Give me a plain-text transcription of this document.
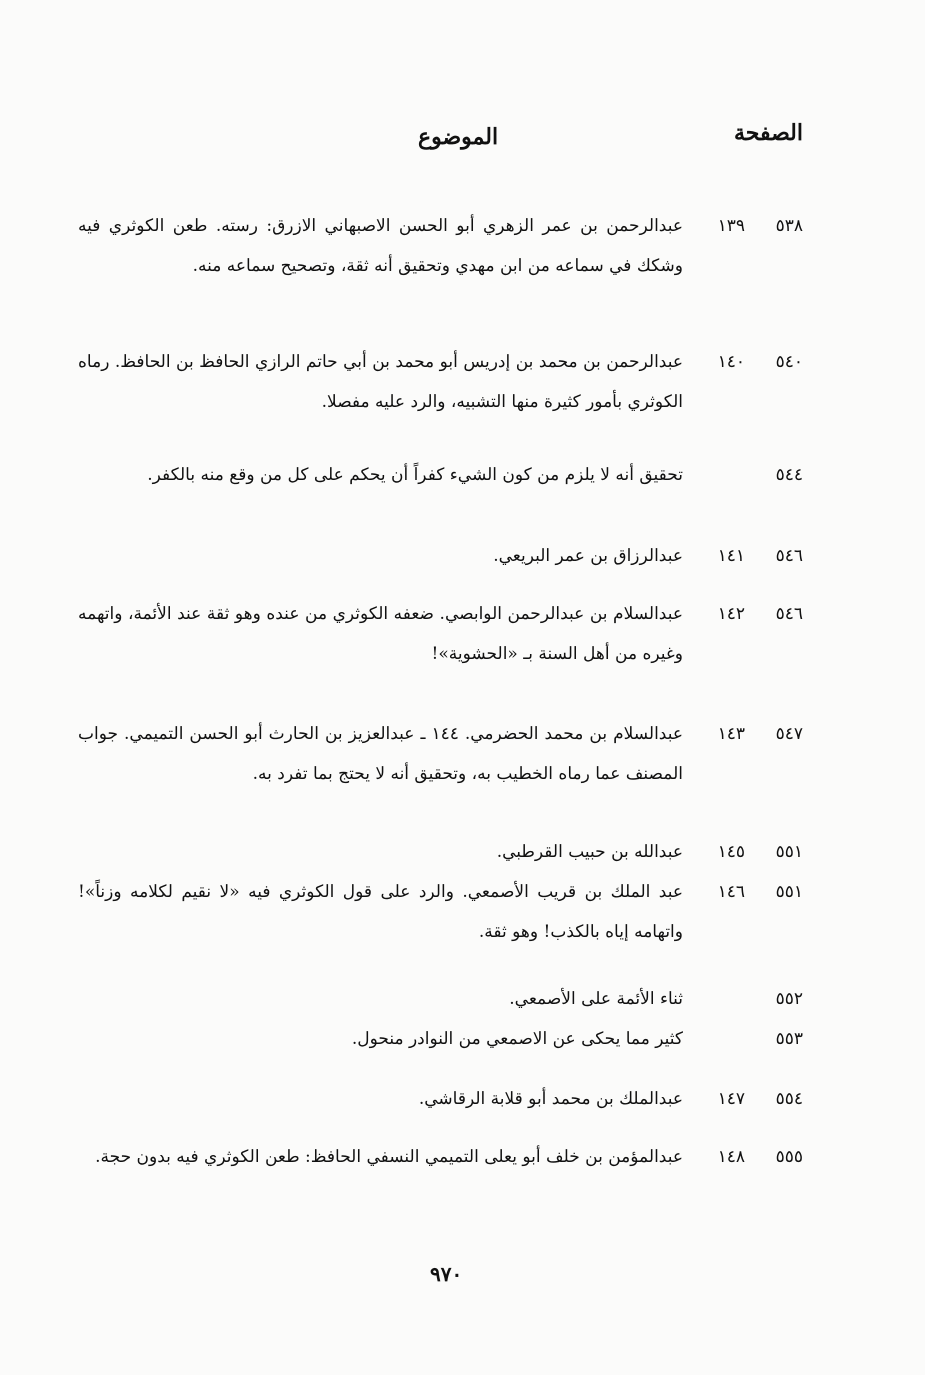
الصفحة
الموضوع
٥٣٨
١٣٩
عبدالرحمن بن عمر الزهري أبو الحسن الاصبهاني الازرق: رسته. طعن الكوثري فيه وشكك في سماعه من ابن مهدي وتحقيق أنه ثقة، وتصحيح سماعه منه.
٥٤٠
١٤٠
عبدالرحمن بن محمد بن إدريس أبو محمد بن أبي حاتم الرازي الحافظ بن الحافظ. رماه الكوثري بأمور كثيرة منها التشبيه، والرد عليه مفصلا.
٥٤٤
تحقيق أنه لا يلزم من كون الشيء كفراً أن يحكم على كل من وقع منه بالكفر.
٥٤٦
١٤١
عبدالرزاق بن عمر البريعي.
٥٤٦
١٤٢
عبدالسلام بن عبدالرحمن الوابصي. ضعفه الكوثري من عنده وهو ثقة عند الأئمة، واتهمه وغيره من أهل السنة بـ «الحشوية»!
٥٤٧
١٤٣
عبدالسلام بن محمد الحضرمي. ١٤٤ ـ عبدالعزيز بن الحارث أبو الحسن التميمي. جواب المصنف عما رماه الخطيب به، وتحقيق أنه لا يحتج بما تفرد به.
٥٥١
١٤٥
عبدالله بن حبيب القرطبي.
٥٥١
١٤٦
عبد الملك بن قريب الأصمعي. والرد على قول الكوثري فيه «لا نقيم لكلامه وزناً»! واتهامه إياه بالكذب! وهو ثقة.
٥٥٢
ثناء الأئمة على الأصمعي.
٥٥٣
كثير مما يحكى عن الاصمعي من النوادر منحول.
٥٥٤
١٤٧
عبدالملك بن محمد أبو قلابة الرقاشي.
٥٥٥
١٤٨
عبدالمؤمن بن خلف أبو يعلى التميمي النسفي الحافظ: طعن الكوثري فيه بدون حجة.
٩٧٠
